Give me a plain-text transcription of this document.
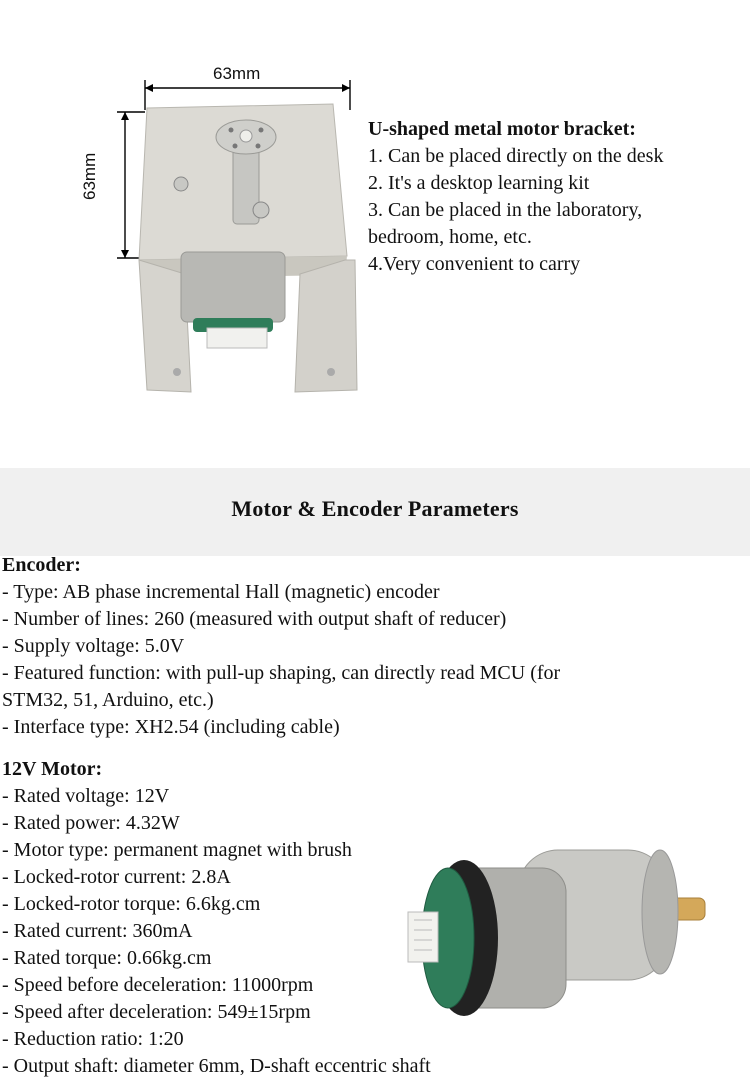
63mm
63mm
U-shaped metal motor bracket:
1. Can be placed directly on the desk
2. It's a desktop learning kit
3. Can be placed in the laboratory,
bedroom, home, etc.
4.Very convenient to carry
Motor & Encoder Parameters
Encoder:
- Type: AB phase incremental Hall (magnetic) encoder
- Number of lines: 260 (measured with output shaft of reducer)
- Supply voltage: 5.0V
- Featured function: with pull-up shaping, can directly read MCU (for
STM32, 51, Arduino, etc.)
- Interface type: XH2.54 (including cable)
12V Motor:
- Rated voltage: 12V
- Rated power: 4.32W
- Motor type: permanent magnet with brush
- Locked-rotor current: 2.8A
- Locked-rotor torque: 6.6kg.cm
- Rated current: 360mA
- Rated torque: 0.66kg.cm
- Speed before deceleration: 11000rpm
- Speed after deceleration: 549±15rpm
- Reduction ratio: 1:20
- Output shaft: diameter 6mm, D-shaft eccentric shaft
